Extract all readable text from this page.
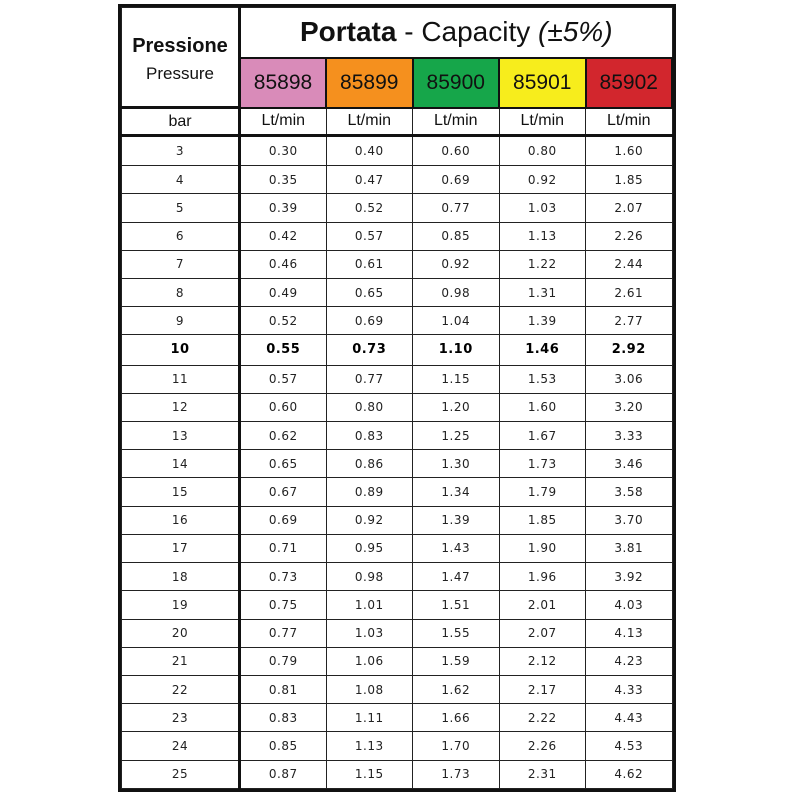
Pressione
Pressure	Portata - Capacity (±5%)				
	85898	85899	85900	85901	85902
bar	Lt/min	Lt/min	Lt/min	Lt/min	Lt/min
3	0.30	0.40	0.60	0.80	1.60
4	0.35	0.47	0.69	0.92	1.85
5	0.39	0.52	0.77	1.03	2.07
6	0.42	0.57	0.85	1.13	2.26
7	0.46	0.61	0.92	1.22	2.44
8	0.49	0.65	0.98	1.31	2.61
9	0.52	0.69	1.04	1.39	2.77
10	0.55	0.73	1.10	1.46	2.92
11	0.57	0.77	1.15	1.53	3.06
12	0.60	0.80	1.20	1.60	3.20
13	0.62	0.83	1.25	1.67	3.33
14	0.65	0.86	1.30	1.73	3.46
15	0.67	0.89	1.34	1.79	3.58
16	0.69	0.92	1.39	1.85	3.70
17	0.71	0.95	1.43	1.90	3.81
18	0.73	0.98	1.47	1.96	3.92
19	0.75	1.01	1.51	2.01	4.03
20	0.77	1.03	1.55	2.07	4.13
21	0.79	1.06	1.59	2.12	4.23
22	0.81	1.08	1.62	2.17	4.33
23	0.83	1.11	1.66	2.22	4.43
24	0.85	1.13	1.70	2.26	4.53
25	0.87	1.15	1.73	2.31	4.62
